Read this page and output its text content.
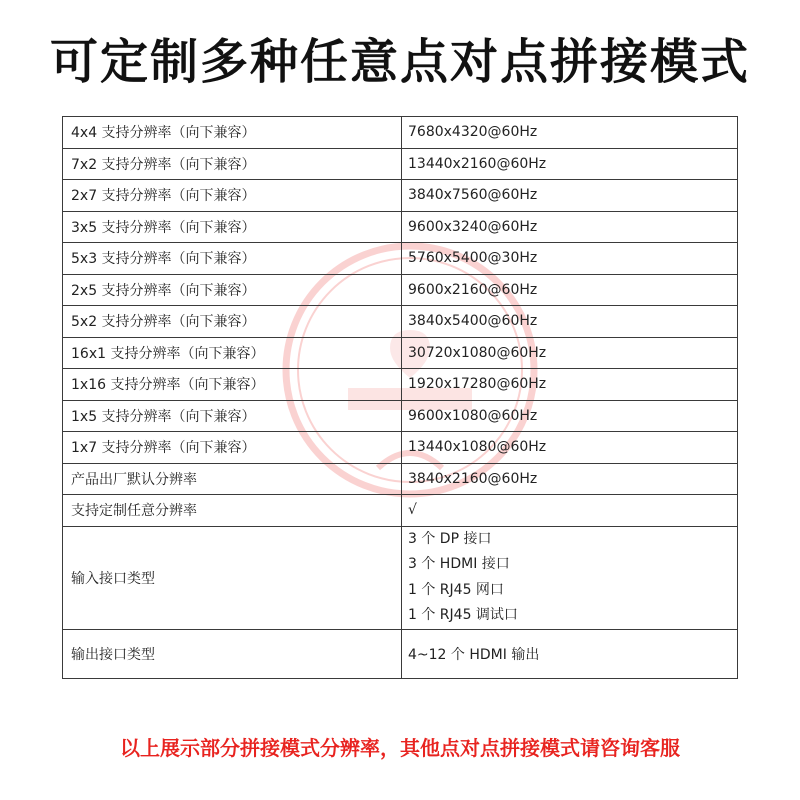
可定制多种任意点对点拼接模式
4x4 支持分辨率（向下兼容）	7680x4320@60Hz
7x2 支持分辨率（向下兼容）	13440x2160@60Hz
2x7 支持分辨率（向下兼容）	3840x7560@60Hz
3x5 支持分辨率（向下兼容）	9600x3240@60Hz
5x3 支持分辨率（向下兼容）	5760x5400@30Hz
2x5 支持分辨率（向下兼容）	9600x2160@60Hz
5x2 支持分辨率（向下兼容）	3840x5400@60Hz
16x1 支持分辨率（向下兼容）	30720x1080@60Hz
1x16 支持分辨率（向下兼容）	1920x17280@60Hz
1x5 支持分辨率（向下兼容）	9600x1080@60Hz
1x7 支持分辨率（向下兼容）	13440x1080@60Hz
产品出厂默认分辨率	3840x2160@60Hz
支持定制任意分辨率	√
输入接口类型	3 个 DP 接口
3 个 HDMI 接口
1 个 RJ45 网口
1 个 RJ45 调试口

输出接口类型	4~12 个 HDMI 输出
以上展示部分拼接模式分辨率，其他点对点拼接模式请咨询客服
